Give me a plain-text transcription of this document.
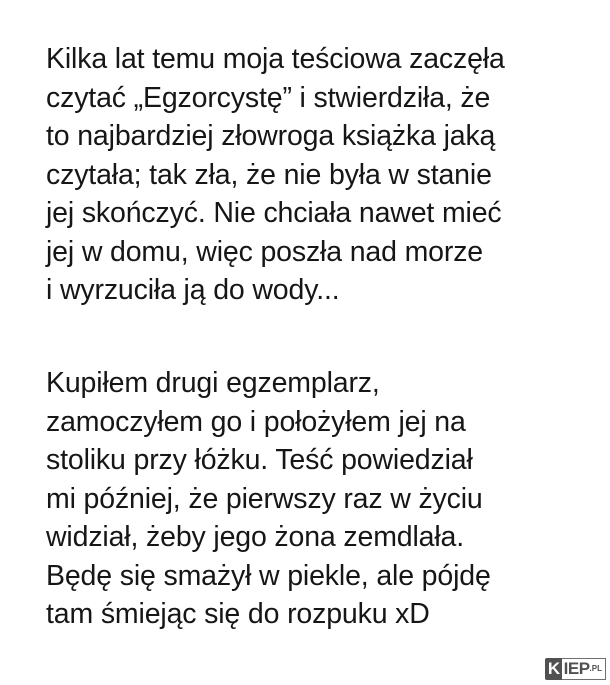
Kilka lat temu moja teściowa zaczęła
czytać „Egzorcystę” i stwierdziła, że
to najbardziej złowroga książka jaką
czytała; tak zła, że nie była w stanie
jej skończyć. Nie chciała nawet mieć
jej w domu, więc poszła nad morze
i wyrzuciła ją do wody...
Kupiłem drugi egzemplarz,
zamoczyłem go i położyłem jej na
stoliku przy łóżku. Teść powiedział
mi później, że pierwszy raz w życiu
widział, żeby jego żona zemdlała.
Będę się smażył w piekle, ale pójdę
tam śmiejąc się do rozpuku xD
K IEP.PL
